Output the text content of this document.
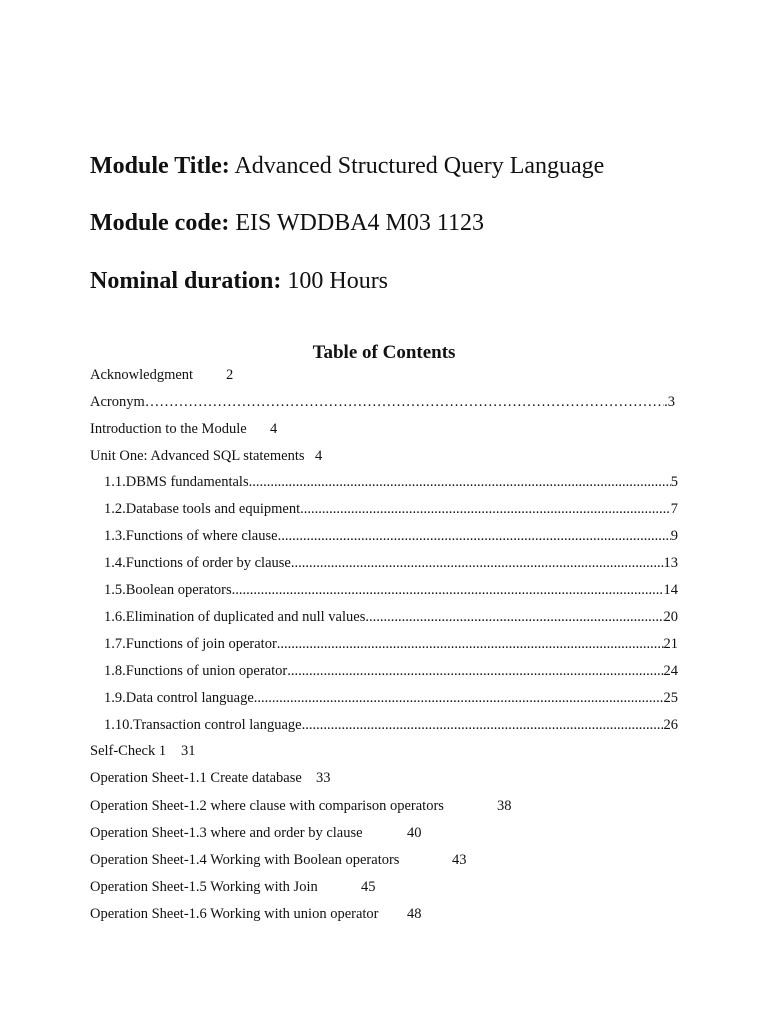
Module Title: Advanced Structured Query Language
Module code: EIS WDDBA4 M03 1123
Nominal duration: 100 Hours
Table of Contents
Acknowledgment 2
Acronym ……………………………………………………………………………………………………………………………………………………………………………………………………………………	.3
Introduction to the Module 4
Unit One: Advanced SQL statements 4
1.1. DBMS fundamentals .....	5
1.2. Database tools and equipment .....	7
1.3. Functions of where clause .....	9
1.4. Functions of order by clause .....	13
1.5. Boolean operators .....	14
1.6. Elimination of duplicated and null values .....	20
1.7. Functions of join operator .....	21
1.8. Functions of union operator .....	24
1.9. Data control language .....	25
1.10. Transaction control language .....	26
Self-Check 1 31
Operation Sheet-1.1 Create database 33
Operation Sheet-1.2 where clause with comparison operators	38
Operation Sheet-1.3 where and order by clause	40
Operation Sheet-1.4 Working with Boolean operators	43
Operation Sheet-1.5 Working with Join	45
Operation Sheet-1.6 Working with union operator 48
